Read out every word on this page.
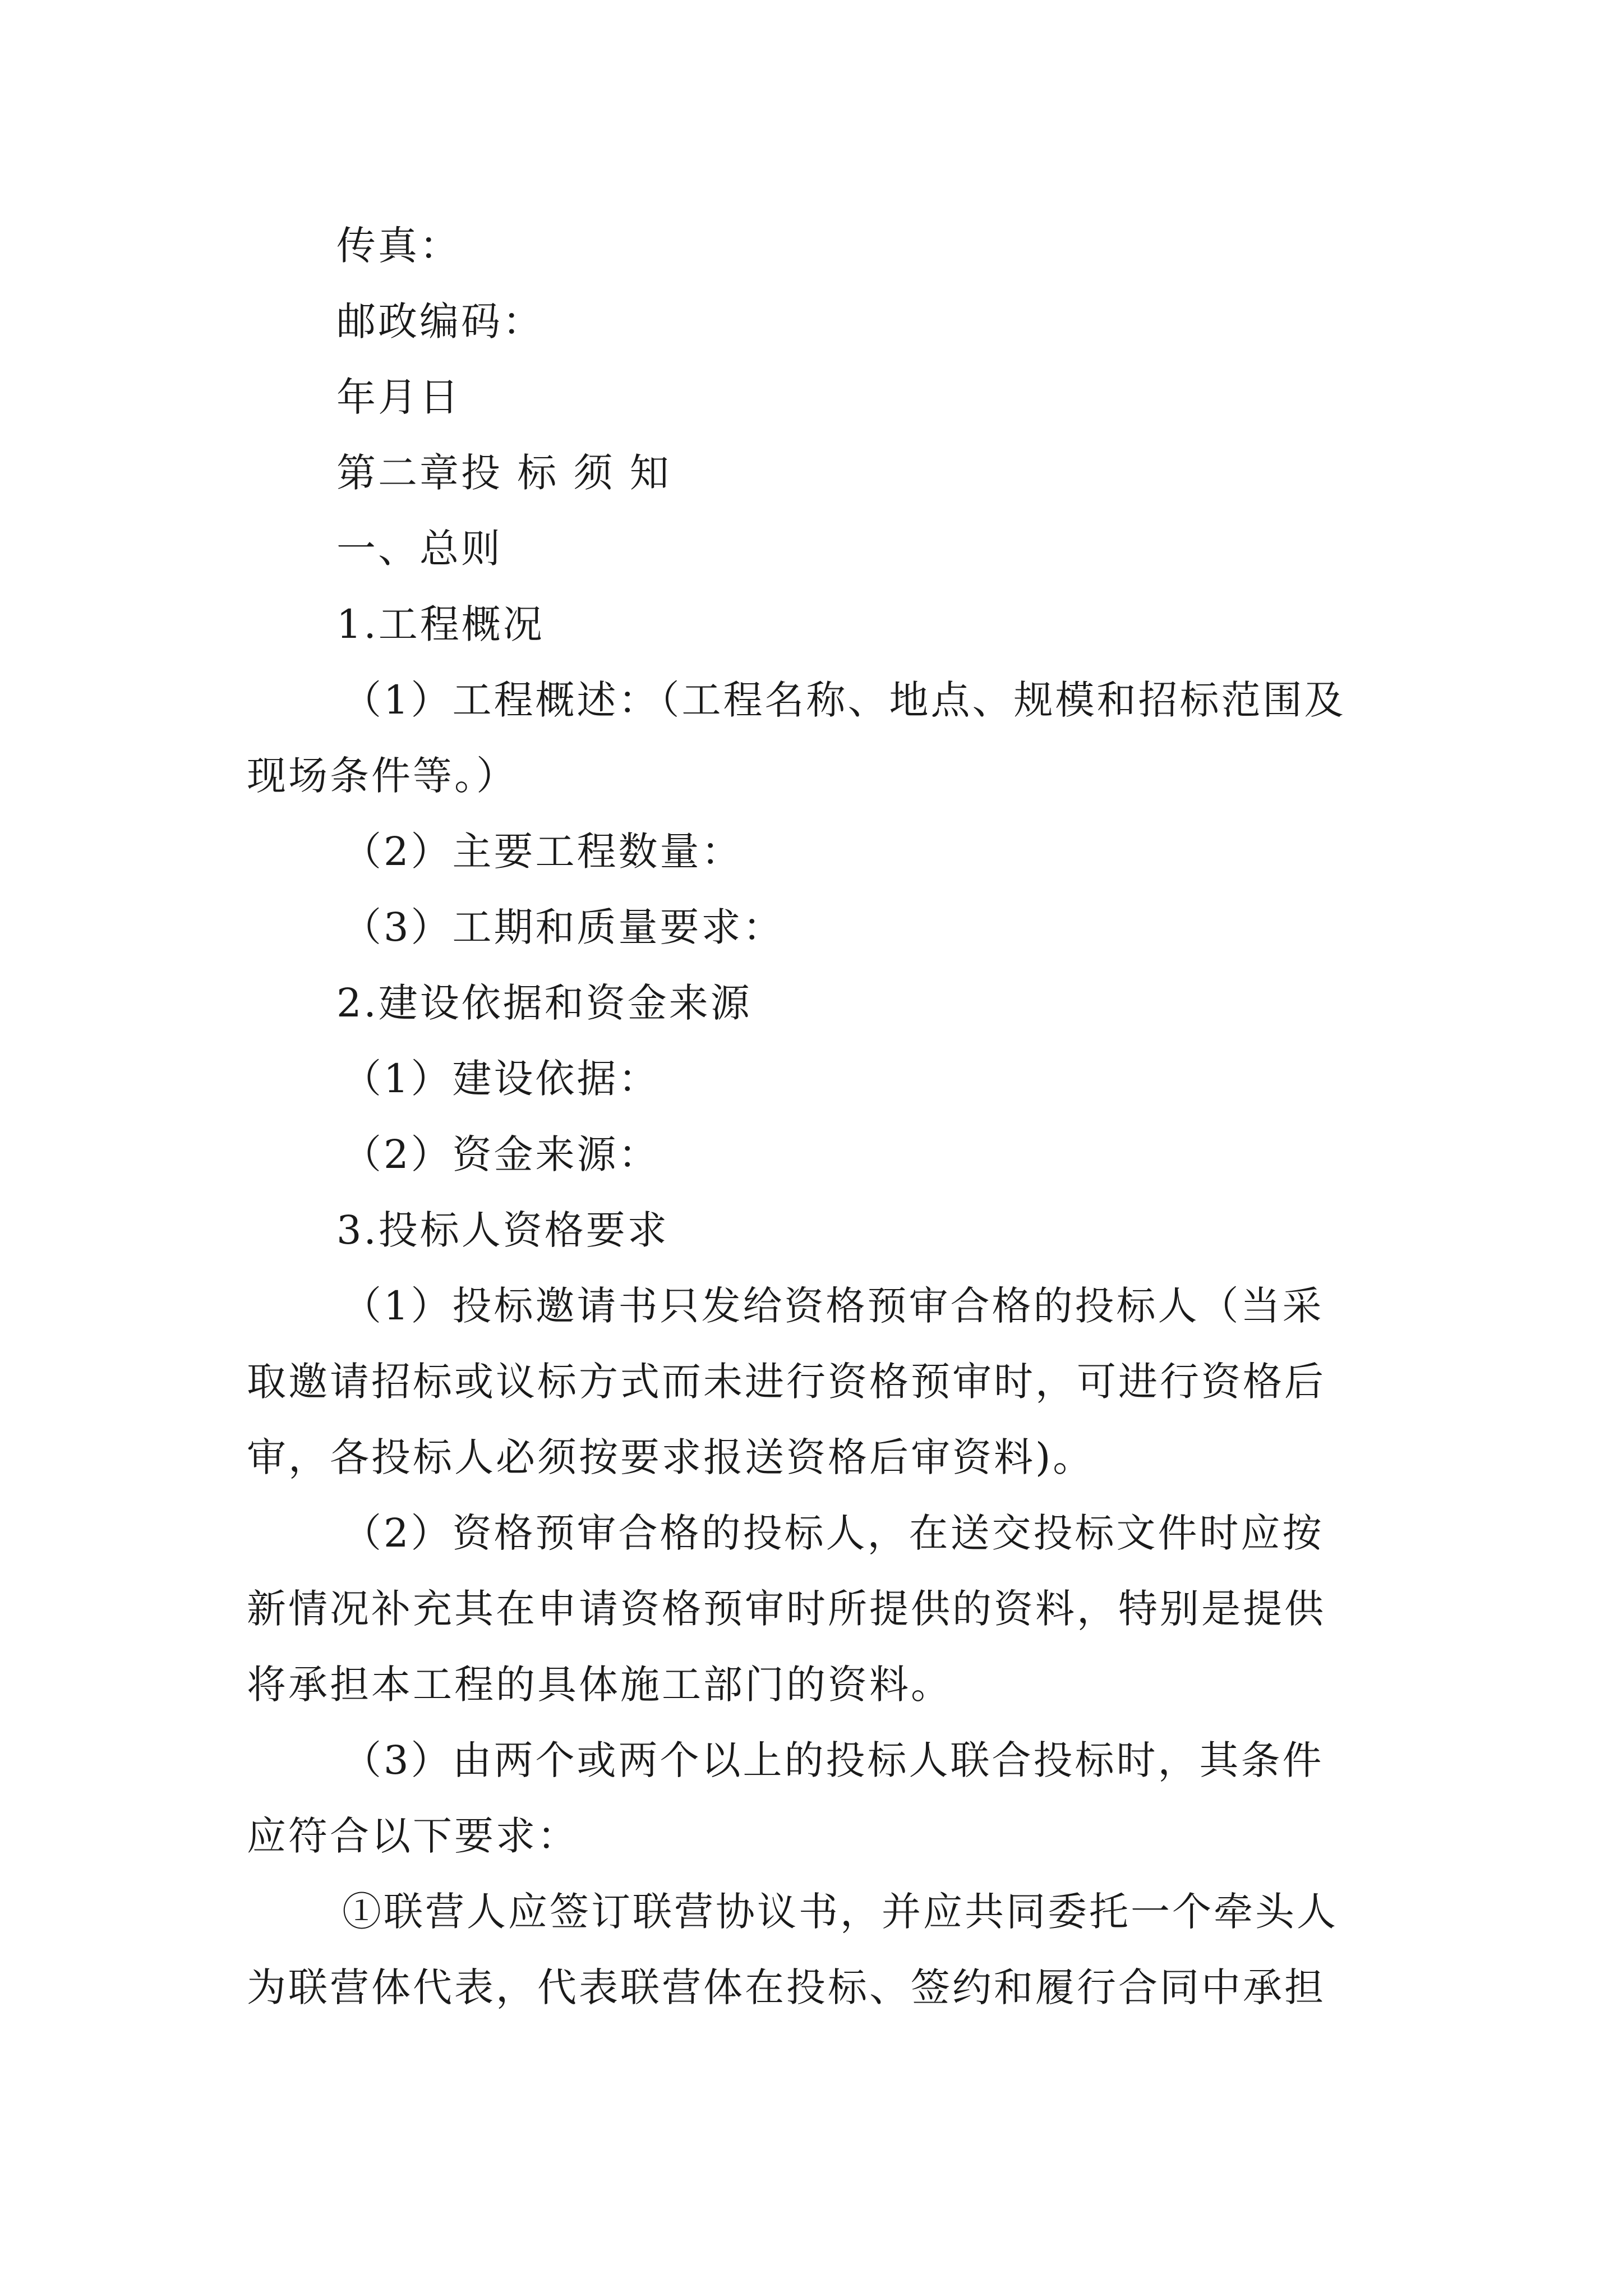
传真：
邮政编码：
年月日
第二章投 标 须 知
一、总则
1.工程概况
（1）工程概述：（工程名称、地点、规模和招标范围及
现场条件等。）
（2）主要工程数量：
（3）工期和质量要求：
2.建设依据和资金来源
（1）建设依据：
（2）资金来源：
3.投标人资格要求
（1）投标邀请书只发给资格预审合格的投标人（当采
取邀请招标或议标方式而未进行资格预审时，可进行资格后
审，各投标人必须按要求报送资格后审资料)。
（2）资格预审合格的投标人，在送交投标文件时应按
新情况补充其在申请资格预审时所提供的资料，特别是提供
将承担本工程的具体施工部门的资料。
（3）由两个或两个以上的投标人联合投标时，其条件
应符合以下要求：
①联营人应签订联营协议书，并应共同委托一个牵头人
为联营体代表，代表联营体在投标、签约和履行合同中承担
